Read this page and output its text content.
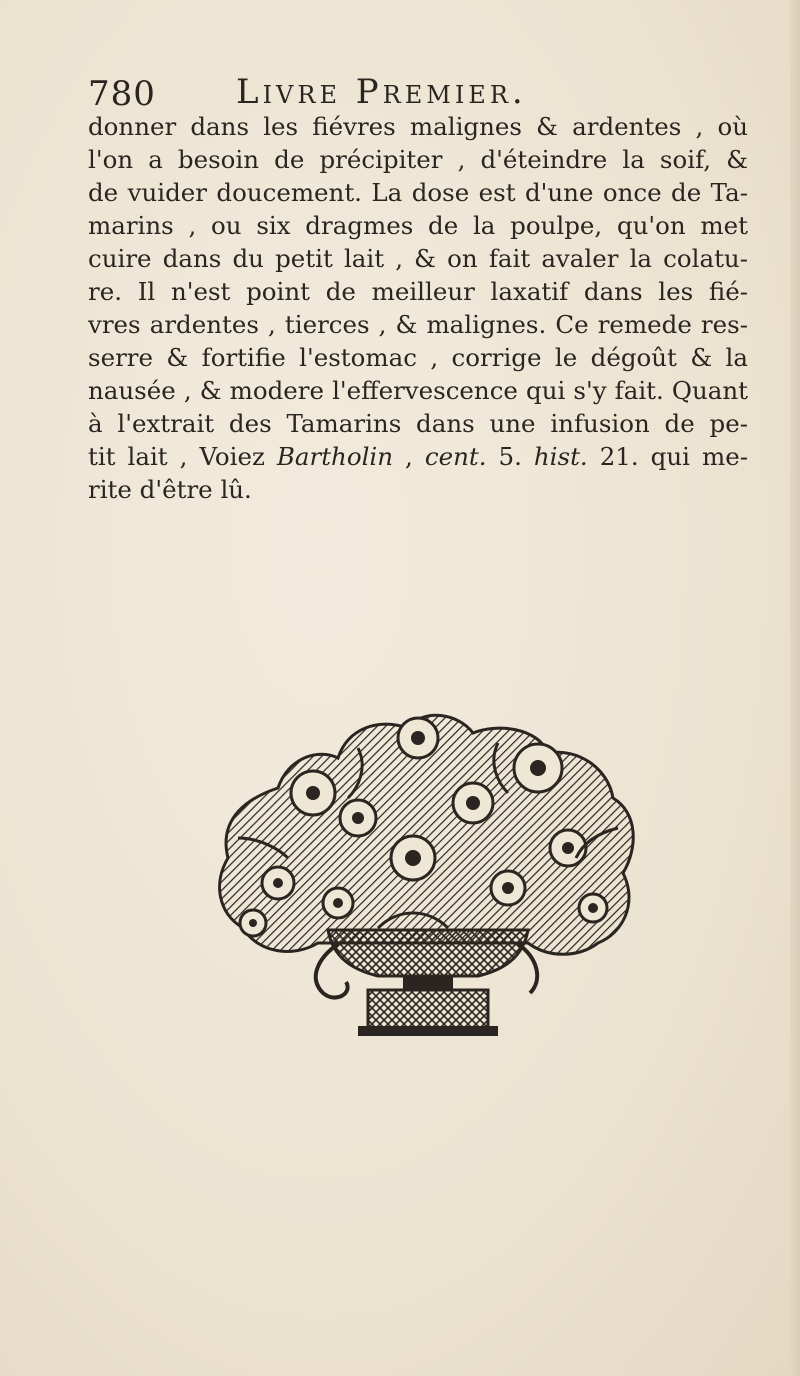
780 Livre Premier.
donner dans les fiévres malignes & ardentes , où
l'on a besoin de précipiter , d'éteindre la soif, &
de vuider doucement. La dose est d'une once de Ta-
marins , ou six dragmes de la poulpe, qu'on met
cuire dans du petit lait , & on fait avaler la colatu-
re. Il n'est point de meilleur laxatif dans les fié-
vres ardentes , tierces , & malignes. Ce remede res-
serre & fortifie l'estomac , corrige le dégoût & la
nausée , & modere l'effervescence qui s'y fait. Quant
à l'extrait des Tamarins dans une infusion de pe-
tit lait , Voiez Bartholin , cent. 5. hist. 21. qui me-
rite d'être lû.
